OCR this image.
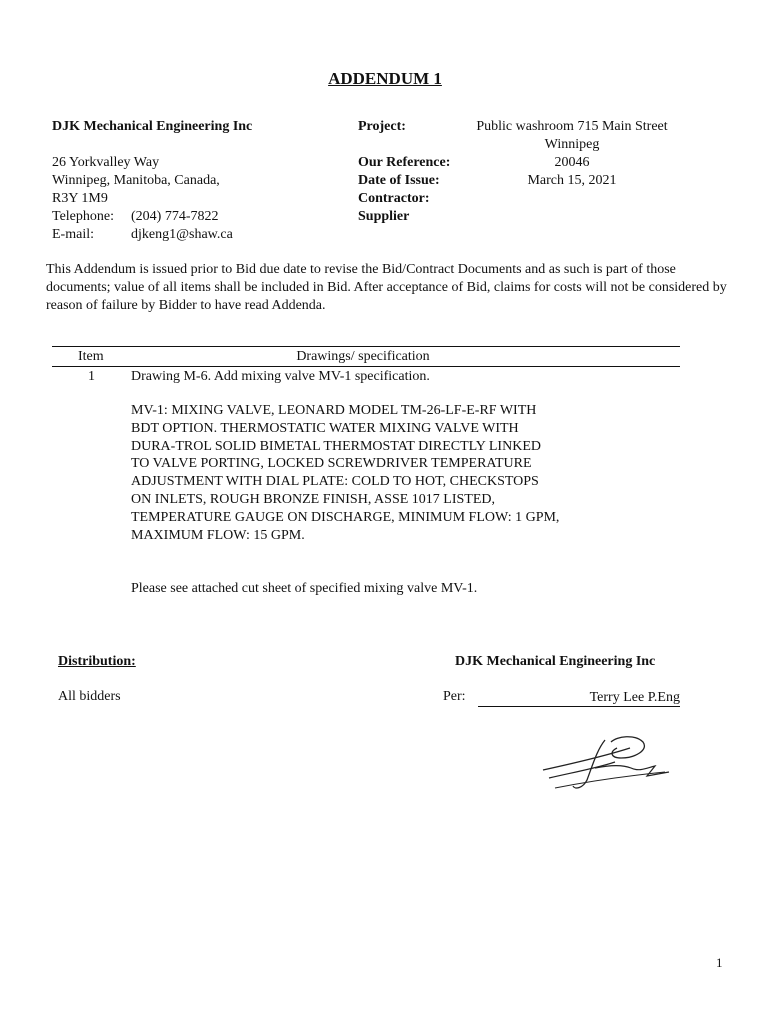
ADDENDUM 1
DJK Mechanical Engineering Inc
26 Yorkvalley Way
Winnipeg, Manitoba, Canada,
R3Y 1M9
Telephone: (204) 774-7822
E-mail:	djkeng1@shaw.ca
Project:	Public washroom 715 Main Street
Winnipeg
Our Reference:	20046
Date of Issue:	March 15, 2021
Contractor:
Supplier
This Addendum is issued prior to Bid due date to revise the Bid/Contract Documents and as such is part of those documents; value of all items shall be included in Bid. After acceptance of Bid, claims for costs will not be considered by reason of failure by Bidder to have read Addenda.
Item	Drawings/ specification
1	Drawing M-6. Add mixing valve MV-1 specification.
MV-1: MIXING VALVE, LEONARD MODEL TM-26-LF-E-RF WITH
BDT OPTION. THERMOSTATIC WATER MIXING VALVE WITH
DURA-TROL SOLID BIMETAL THERMOSTAT DIRECTLY LINKED
TO VALVE PORTING, LOCKED SCREWDRIVER TEMPERATURE
ADJUSTMENT WITH DIAL PLATE: COLD TO HOT, CHECKSTOPS
ON INLETS, ROUGH BRONZE FINISH, ASSE 1017 LISTED,
TEMPERATURE GAUGE ON DISCHARGE, MINIMUM FLOW: 1 GPM,
MAXIMUM FLOW: 15 GPM.
Please see attached cut sheet of specified mixing valve MV-1.
Distribution:	DJK Mechanical Engineering Inc
All bidders	Per:	Terry Lee P.Eng
1
